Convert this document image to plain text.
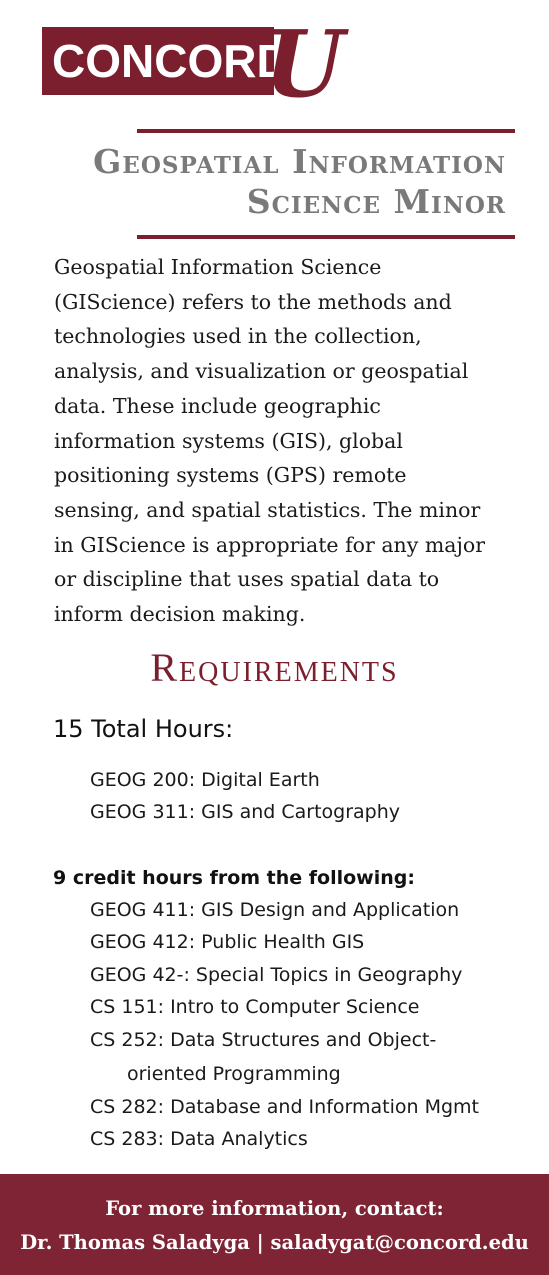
CONCORD
U
Geospatial Information
Science Minor
Geospatial Information Science
(GIScience) refers to the methods and
technologies used in the collection,
analysis, and visualization or geospatial
data. These include geographic
information systems (GIS), global
positioning systems (GPS) remote
sensing, and spatial statistics. The minor
in GIScience is appropriate for any major
or discipline that uses spatial data to
inform decision making.
Requirements
15 Total Hours:
GEOG 200: Digital Earth
GEOG 311: GIS and Cartography
9 credit hours from the following:
GEOG 411: GIS Design and Application
GEOG 412: Public Health GIS
GEOG 42-: Special Topics in Geography
CS 151: Intro to Computer Science
CS 252: Data Structures and Object-
oriented Programming
CS 282: Database and Information Mgmt
CS 283: Data Analytics
For more information, contact:
Dr. Thomas Saladyga | saladygat@concord.edu
